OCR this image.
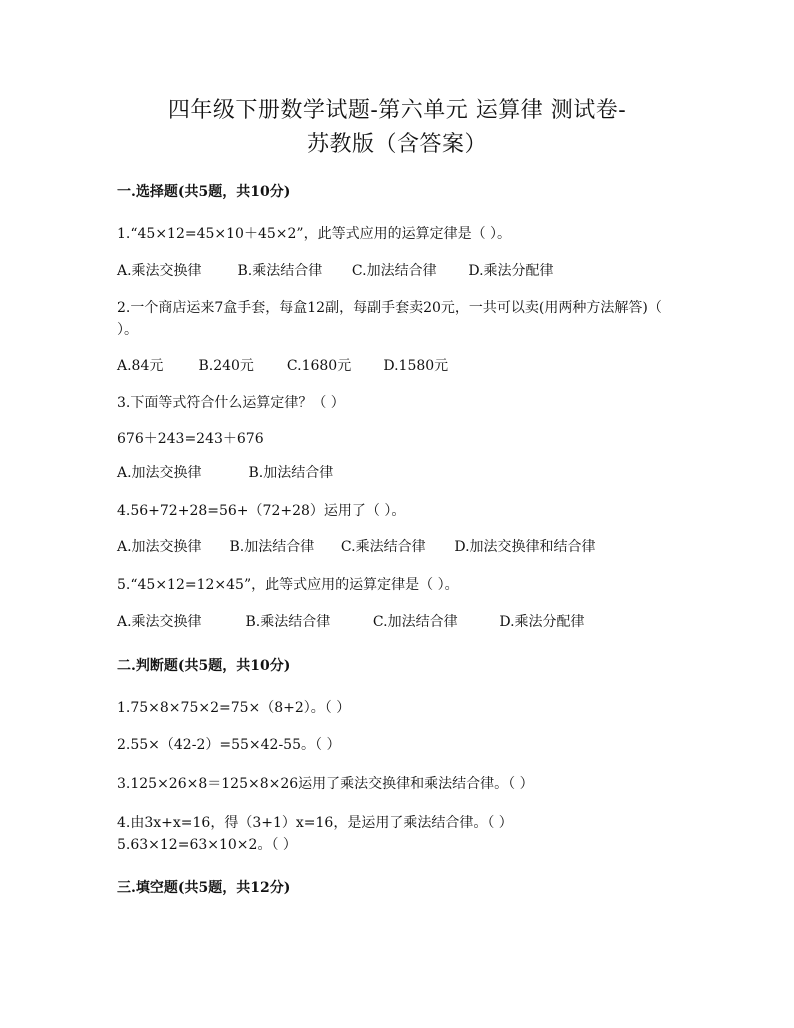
四年级下册数学试题-第六单元 运算律 测试卷-
苏教版（含答案）
一.选择题(共5题，共10分)
1.“45×12=45×10＋45×2”，此等式应用的运算定律是（ ）。
A.乘法交换律	B.乘法结合律 C.加法结合律 D.乘法分配律
2.一个商店运来7盒手套，每盒12副，每副手套卖20元，一共可以卖(用两种方法解答)（ ）。
A.84元	B.240元 C.1680元 D.1580元
3.下面等式符合什么运算定律？（ ）
676＋243=243＋676
A.加法交换律	B.加法结合律
4.56+72+28=56+（72+28）运用了（ ）。
A.加法交换律 B.加法结合律 C.乘法结合律 D.加法交换律和结合律
5.“45×12=12×45”，此等式应用的运算定律是（ ）。
A.乘法交换律	B.乘法结合律	C.加法结合律	D.乘法分配律
二.判断题(共5题，共10分)
1.75×8×75×2=75×（8+2）。（ ）
2.55×（42-2）=55×42-55。（ ）
3.125×26×8＝125×8×26运用了乘法交换律和乘法结合律。（ ）
4.由3x+x=16，得（3+1）x=16，是运用了乘法结合律。（ ）
5.63×12=63×10×2。（ ）
三.填空题(共5题，共12分)
